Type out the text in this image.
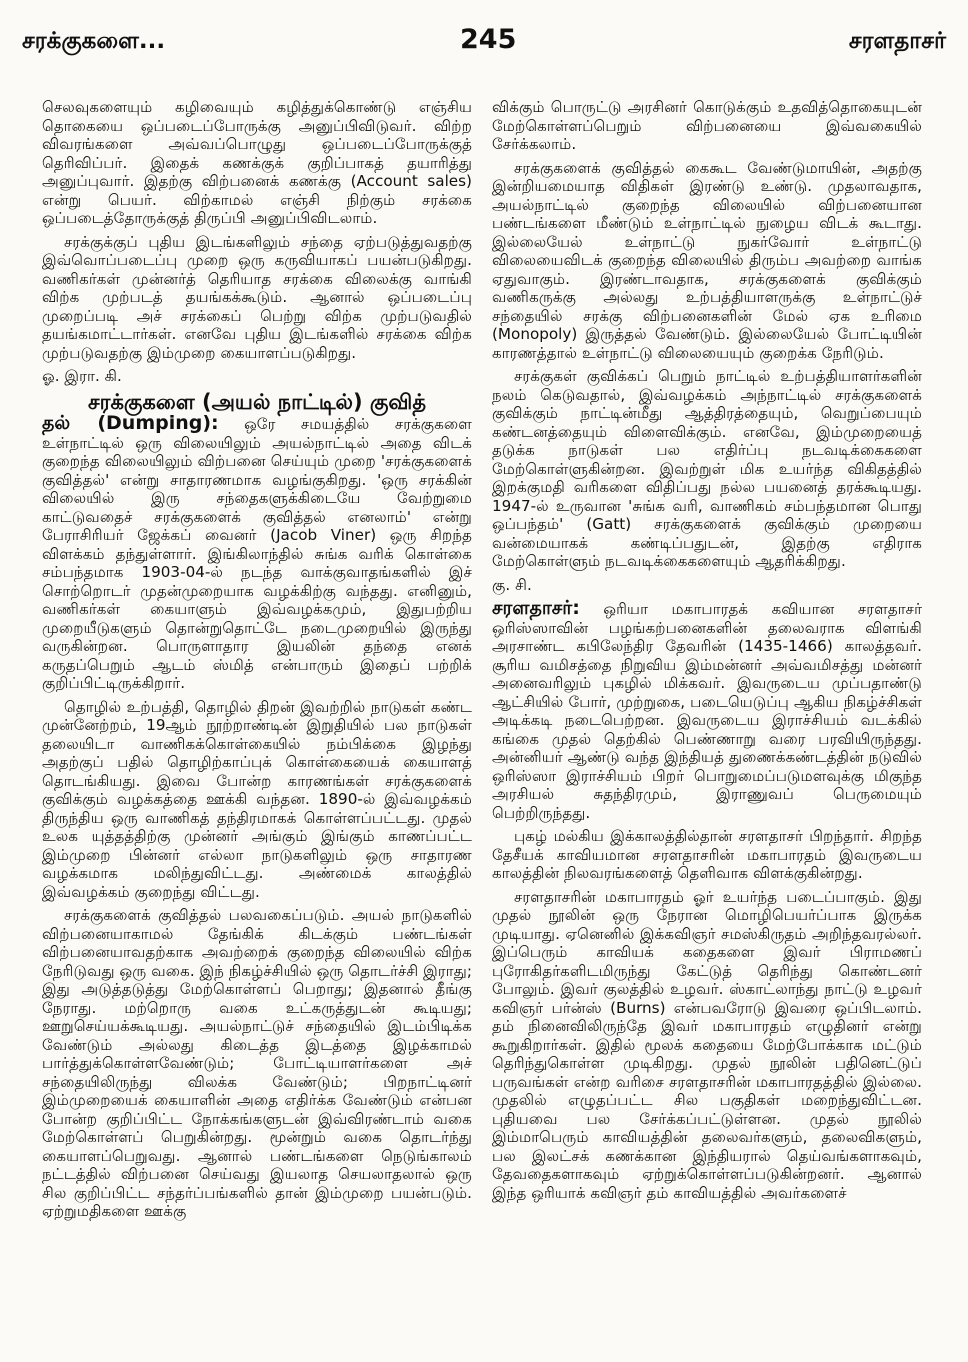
சரக்குகளை...	245	சரளதாசர்

செலவுகளையும் கழிவையும் கழித்துக்கொண்டு எஞ்சிய தொகையை ஒப்படைப்போருக்கு அனுப்பிவிடுவர். விற்ற விவரங்களை அவ்வப்பொழுது ஒப்படைப்போருக்குத் தெரிவிப்பர். இதைக் கணக்குக் குறிப்பாகத் தயாரித்து அனுப்புவார். இதற்கு விற்பனைக் கணக்கு (Account sales) என்று பெயர். விற்காமல் எஞ்சி நிற்கும் சரக்கை ஒப்படைத்தோருக்குத் திருப்பி அனுப்பிவிடலாம்.

சரக்குக்குப் புதிய இடங்களிலும் சந்தை ஏற்படுத்துவதற்கு இவ்வொப்படைப்பு முறை ஒரு கருவியாகப் பயன்படுகிறது. வணிகர்கள் முன்னர்த் தெரியாத சரக்கை விலைக்கு வாங்கி விற்க முற்படத் தயங்கக்கூடும். ஆனால் ஒப்படைப்பு முறைப்படி அச் சரக்கைப் பெற்று விற்க முற்படுவதில் தயங்கமாட்டார்கள். எனவே புதிய இடங்களில் சரக்கை விற்க முற்படுவதற்கு இம்முறை கையாளப்படுகிறது.

ஓ. இரா. கி.

சரக்குகளை (அயல் நாட்டில்) குவித்

தல் (Dumping): ஒரே சமயத்தில் சரக்குகளை உள்நாட்டில் ஒரு விலையிலும் அயல்நாட்டில் அதை விடக் குறைந்த விலையிலும் விற்பனை செய்யும் முறை 'சரக்குகளைக் குவித்தல்' என்று சாதாரணமாக வழங்குகிறது. 'ஒரு சரக்கின் விலையில் இரு சந்தைகளுக்கிடையே வேற்றுமை காட்டுவதைச் சரக்குகளைக் குவித்தல் எனலாம்' என்று பேராசிரியர் ஜேக்கப் வைனர் (Jacob Viner) ஒரு சிறந்த விளக்கம் தந்துள்ளார். இங்கிலாந்தில் சுங்க வரிக் கொள்கை சம்பந்தமாக 1903-04-ல் நடந்த வாக்குவாதங்களில் இச் சொற்றொடர் முதன்முறையாக வழக்கிற்கு வந்தது. எனினும், வணிகர்கள் கையாளும் இவ்வழக்கமும், இதுபற்றிய முறையீடுகளும் தொன்றுதொட்டே நடைமுறையில் இருந்து வருகின்றன. பொருளாதார இயலின் தந்தை எனக் கருதப்பெறும் ஆடம் ஸ்மித் என்பாரும் இதைப் பற்றிக் குறிப்பிட்டிருக்கிறார்.

தொழில் உற்பத்தி, தொழில் திறன் இவற்றில் நாடுகள் கண்ட முன்னேற்றம், 19ஆம் நூற்றாண்டின் இறுதியில் பல நாடுகள் தலையிடா வாணிகக்கொள்கையில் நம்பிக்கை இழந்து அதற்குப் பதில் தொழிற்காப்புக் கொள்கையைக் கையாளத் தொடங்கியது. இவை போன்ற காரணங்கள் சரக்குகளைக் குவிக்கும் வழக்கத்தை ஊக்கி வந்தன. 1890-ல் இவ்வழக்கம் திருந்திய ஒரு வாணிகத் தந்திரமாகக் கொள்ளப்பட்டது. முதல் உலக யுத்தத்திற்கு முன்னர் அங்கும் இங்கும் காணப்பட்ட இம்முறை பின்னர் எல்லா நாடுகளிலும் ஒரு சாதாரண வழக்கமாக மலிந்துவிட்டது. அண்மைக் காலத்தில் இவ்வழக்கம் குறைந்து விட்டது.

சரக்குகளைக் குவித்தல் பலவகைப்படும். அயல் நாடுகளில் விற்பனையாகாமல் தேங்கிக் கிடக்கும் பண்டங்கள் விற்பனையாவதற்காக அவற்றைக் குறைந்த விலையில் விற்க நேரிடுவது ஒரு வகை. இந் நிகழ்ச்சியில் ஒரு தொடர்ச்சி இராது; இது அடுத்தடுத்து மேற்கொள்ளப் பெறாது; இதனால் தீங்கு நேராது. மற்றொரு வகை உட்கருத்துடன் கூடியது; ஊறுசெய்யக்கூடியது. அயல்நாட்டுச் சந்தையில் இடம்பிடிக்க வேண்டும் அல்லது கிடைத்த இடத்தை இழக்காமல் பார்த்துக்கொள்ளவேண்டும்; போட்டியாளர்களை அச் சந்தையிலிருந்து விலக்க வேண்டும்; பிறநாட்டினர் இம்முறையைக் கையாளின் அதை எதிர்க்க வேண்டும் என்பன போன்ற குறிப்பிட்ட நோக்கங்களுடன் இவ்விரண்டாம் வகை மேற்கொள்ளப் பெறுகின்றது. மூன்றும் வகை தொடர்ந்து கையாளப்பெறுவது. ஆனால் பண்டங்களை நெடுங்காலம் நட்டத்தில் விற்பனை செய்வது இயலாத செயலாதலால் ஒரு சில குறிப்பிட்ட சந்தர்ப்பங்களில் தான் இம்முறை பயன்படும். ஏற்றுமதிகளை ஊக்கு

விக்கும் பொருட்டு அரசினர் கொடுக்கும் உதவித்தொகையுடன் மேற்கொள்ளப்பெறும் விற்பனையை இவ்வகையில் சேர்க்கலாம்.

சரக்குகளைக் குவித்தல் கைகூட வேண்டுமாயின், அதற்கு இன்றியமையாத விதிகள் இரண்டு உண்டு. முதலாவதாக, அயல்நாட்டில் குறைந்த விலையில் விற்பனையான பண்டங்களை மீண்டும் உள்நாட்டில் நுழைய விடக் கூடாது. இல்லையேல் உள்நாட்டு நுகர்வோர் உள்நாட்டு விலையைவிடக் குறைந்த விலையில் திரும்ப அவற்றை வாங்க ஏதுவாகும். இரண்டாவதாக, சரக்குகளைக் குவிக்கும் வணிகருக்கு அல்லது உற்பத்தியாளருக்கு உள்நாட்டுச் சந்தையில் சரக்கு விற்பனைகளின் மேல் ஏக உரிமை (Monopoly) இருத்தல் வேண்டும். இல்லையேல் போட்டியின் காரணத்தால் உள்நாட்டு விலையையும் குறைக்க நேரிடும்.

சரக்குகள் குவிக்கப் பெறும் நாட்டில் உற்பத்தியாளர்களின் நலம் கெடுவதால், இவ்வழக்கம் அந்நாட்டில் சரக்குகளைக் குவிக்கும் நாட்டின்மீது ஆத்திரத்தையும், வெறுப்பையும் கண்டனத்தையும் விளைவிக்கும். எனவே, இம்முறையைத் தடுக்க நாடுகள் பல எதிர்ப்பு நடவடிக்கைகளை மேற்கொள்ளுகின்றன. இவற்றுள் மிக உயர்ந்த விகிதத்தில் இறக்குமதி வரிகளை விதிப்பது நல்ல பயனைத் தரக்கூடியது. 1947-ல் உருவான 'சுங்க வரி, வாணிகம் சம்பந்தமான பொது ஒப்பந்தம்' (Gatt) சரக்குகளைக் குவிக்கும் முறையை வன்மையாகக் கண்டிப்பதுடன், இதற்கு எதிராக மேற்கொள்ளும் நடவடிக்கைகளையும் ஆதரிக்கிறது.

கு. சி.

சரளதாசர்: ஒரியா மகாபாரதக் கவியான சரளதாசர் ஒரிஸ்ஸாவின் பழங்கற்பனைகளின் தலைவராக விளங்கி அரசாண்ட கபிலேந்திர தேவரின் (1435-1466) காலத்தவர். சூரிய வமிசத்தை நிறுவிய இம்மன்னர் அவ்வமிசத்து மன்னர் அனைவரிலும் புகழில் மிக்கவர். இவருடைய முப்பதாண்டு ஆட்சியில் போர், முற்றுகை, படையெடுப்பு ஆகிய நிகழ்ச்சிகள் அடிக்கடி நடைபெற்றன. இவருடைய இராச்சியம் வடக்கில் கங்கை முதல் தெற்கில் பெண்ணாறு வரை பரவியிருந்தது. அன்னியர் ஆண்டு வந்த இந்தியத் துணைக்கண்டத்தின் நடுவில் ஒரிஸ்ஸா இராச்சியம் பிறர் பொறுமைப்படுமளவுக்கு மிகுந்த அரசியல் சுதந்திரமும், இராணுவப் பெருமையும் பெற்றிருந்தது.

புகழ் மல்கிய இக்காலத்தில்தான் சரளதாசர் பிறந்தார். சிறந்த தேசீயக் காவியமான சரளதாசரின் மகாபாரதம் இவருடைய காலத்தின் நிலவரங்களைத் தெளிவாக விளக்குகின்றது.

சரளதாசரின் மகாபாரதம் ஓர் உயர்ந்த படைப்பாகும். இது முதல் நூலின் ஒரு நேரான மொழிபெயர்ப்பாக இருக்க முடியாது. ஏனெனில் இக்கவிஞர் சமஸ்கிருதம் அறிந்தவரல்லர். இப்பெரும் காவியக் கதைகளை இவர் பிராமணப் புரோகிதர்களிடமிருந்து கேட்டுத் தெரிந்து கொண்டனர் போலும். இவர் குலத்தில் உழவர். ஸ்காட்லாந்து நாட்டு உழவர் கவிஞர் பர்ன்ஸ் (Burns) என்பவரோடு இவரை ஒப்பிடலாம். தம் நினைவிலிருந்தே இவர் மகாபாரதம் எழுதினர் என்று கூறுகிறார்கள். இதில் மூலக் கதையை மேற்போக்காக மட்டும் தெரிந்துகொள்ள முடிகிறது. முதல் நூலின் பதினெட்டுப் பருவங்கள் என்ற வரிசை சரளதாசரின் மகாபாரதத்தில் இல்லை. முதலில் எழுதப்பட்ட சில பகுதிகள் மறைந்துவிட்டன. புதியவை பல சேர்க்கப்பட்டுள்ளன. முதல் நூலில் இம்மாபெரும் காவியத்தின் தலைவர்களும், தலைவிகளும், பல இலட்சக் கணக்கான இந்தியரால் தெய்வங்களாகவும், தேவதைகளாகவும் ஏற்றுக்கொள்ளப்படுகின்றனர். ஆனால் இந்த ஒரியாக் கவிஞர் தம் காவியத்தில் அவர்களைச்
